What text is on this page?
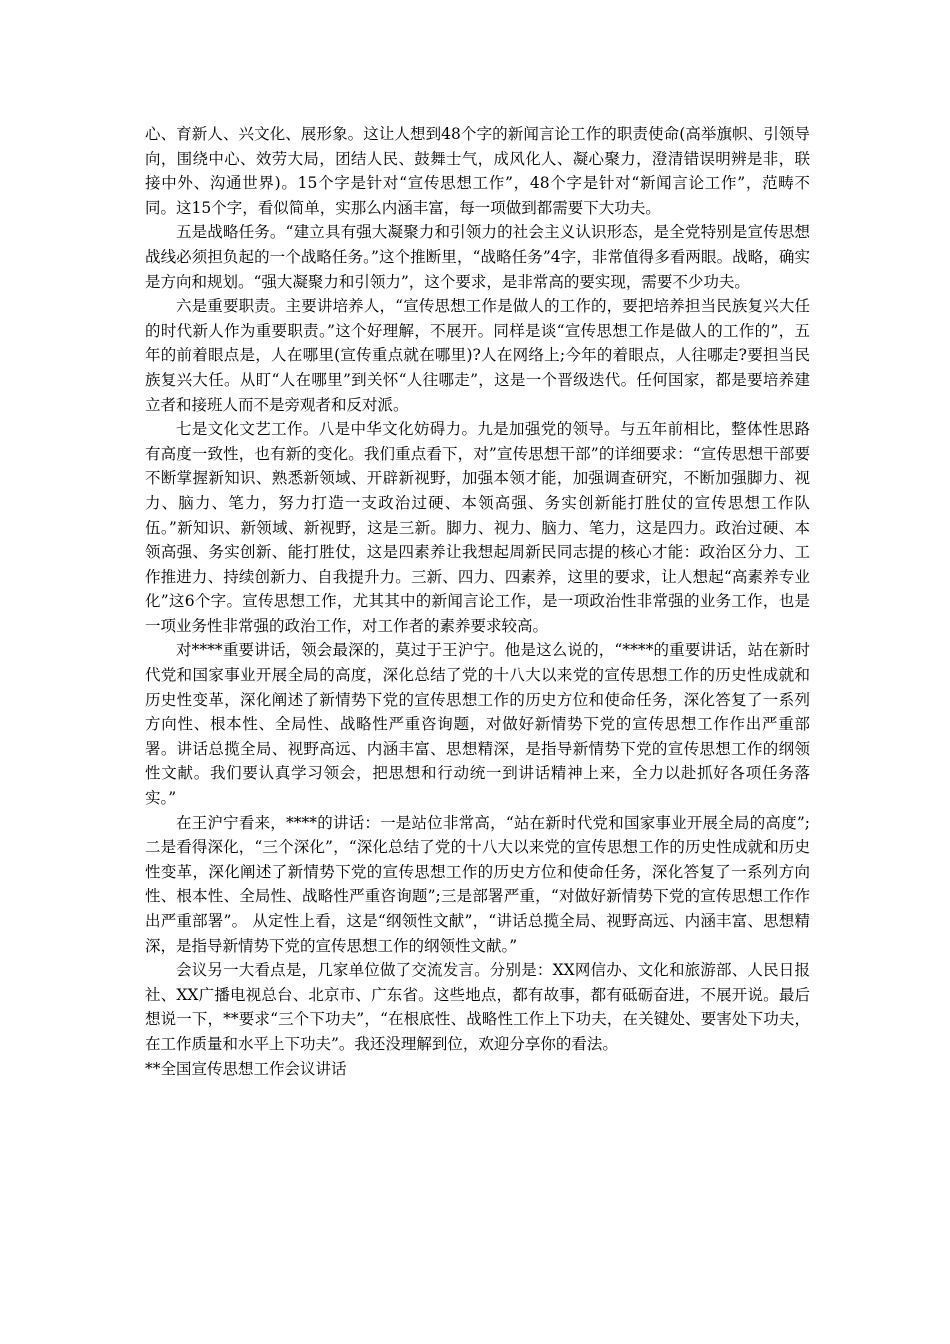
心、育新人、兴文化、展形象。这让人想到48个字的新闻言论工作的职责使命(高举旗帜、引领导向，围绕中心、效劳大局，团结人民、鼓舞士气，成风化人、凝心聚力，澄清错误明辨是非，联接中外、沟通世界)。15个字是针对“宣传思想工作”，48个字是针对“新闻言论工作”，范畴不同。这15个字，看似简单，实那么内涵丰富，每一项做到都需要下大功夫。

五是战略任务。“建立具有强大凝聚力和引领力的社会主义认识形态，是全党特别是宣传思想战线必须担负起的一个战略任务。”这个推断里，“战略任务”4字，非常值得多看两眼。战略，确实是方向和规划。“强大凝聚力和引领力”，这个要求，是非常高的要实现，需要不少功夫。

六是重要职责。主要讲培养人，“宣传思想工作是做人的工作的，要把培养担当民族复兴大任的时代新人作为重要职责。”这个好理解，不展开。同样是谈“宣传思想工作是做人的工作的”，五年的前着眼点是，人在哪里(宣传重点就在哪里)?人在网络上;今年的着眼点，人往哪走?要担当民族复兴大任。从盯“人在哪里”到关怀“人往哪走”，这是一个晋级迭代。任何国家，都是要培养建立者和接班人而不是旁观者和反对派。

七是文化文艺工作。八是中华文化妨碍力。九是加强党的领导。与五年前相比，整体性思路有高度一致性，也有新的变化。我们重点看下，对”宣传思想干部”的详细要求：“宣传思想干部要不断掌握新知识、熟悉新领域、开辟新视野，加强本领才能，加强调查研究，不断加强脚力、视力、脑力、笔力，努力打造一支政治过硬、本领高强、务实创新能打胜仗的宣传思想工作队伍。”新知识、新领域、新视野，这是三新。脚力、视力、脑力、笔力，这是四力。政治过硬、本领高强、务实创新、能打胜仗，这是四素养让我想起周新民同志提的核心才能：政治区分力、工作推进力、持续创新力、自我提升力。三新、四力、四素养，这里的要求，让人想起“高素养专业化”这6个字。宣传思想工作，尤其其中的新闻言论工作，是一项政治性非常强的业务工作，也是一项业务性非常强的政治工作，对工作者的素养要求较高。

对****重要讲话，领会最深的，莫过于王沪宁。他是这么说的，“****的重要讲话，站在新时代党和国家事业开展全局的高度，深化总结了党的十八大以来党的宣传思想工作的历史性成就和历史性变革，深化阐述了新情势下党的宣传思想工作的历史方位和使命任务，深化答复了一系列方向性、根本性、全局性、战略性严重咨询题，对做好新情势下党的宣传思想工作作出严重部署。讲话总揽全局、视野高远、内涵丰富、思想精深，是指导新情势下党的宣传思想工作的纲领性文献。我们要认真学习领会，把思想和行动统一到讲话精神上来，全力以赴抓好各项任务落实。”

在王沪宁看来，****的讲话：一是站位非常高，“站在新时代党和国家事业开展全局的高度”;二是看得深化，“三个深化”，“深化总结了党的十八大以来党的宣传思想工作的历史性成就和历史性变革，深化阐述了新情势下党的宣传思想工作的历史方位和使命任务，深化答复了一系列方向性、根本性、全局性、战略性严重咨询题”;三是部署严重，“对做好新情势下党的宣传思想工作作出严重部署”。 从定性上看，这是“纲领性文献”，“讲话总揽全局、视野高远、内涵丰富、思想精深，是指导新情势下党的宣传思想工作的纲领性文献。”

会议另一大看点是，几家单位做了交流发言。分别是：XX网信办、文化和旅游部、人民日报社、XX广播电视总台、北京市、广东省。这些地点，都有故事，都有砥砺奋进，不展开说。最后想说一下，**要求“三个下功夫”，“在根底性、战略性工作上下功夫，在关键处、要害处下功夫，在工作质量和水平上下功夫”。我还没理解到位，欢迎分享你的看法。

**全国宣传思想工作会议讲话
